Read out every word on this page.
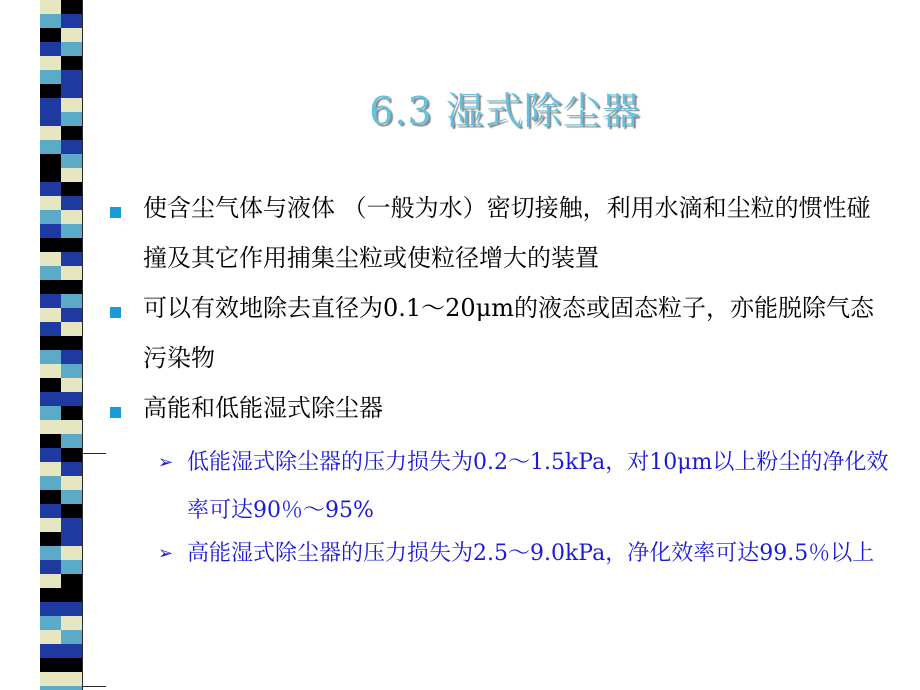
6.3 湿式除尘器
使含尘气体与液体 （一般为水）密切接触，利用水滴和尘粒的惯性碰撞及其它作用捕集尘粒或使粒径增大的装置
可以有效地除去直径为0.1～20μm的液态或固态粒子，亦能脱除气态污染物
高能和低能湿式除尘器
➢ 低能湿式除尘器的压力损失为0.2～1.5kPa，对10μm以上粉尘的净化效率可达90％～95%
➢ 高能湿式除尘器的压力损失为2.5～9.0kPa，净化效率可达99.5％以上
